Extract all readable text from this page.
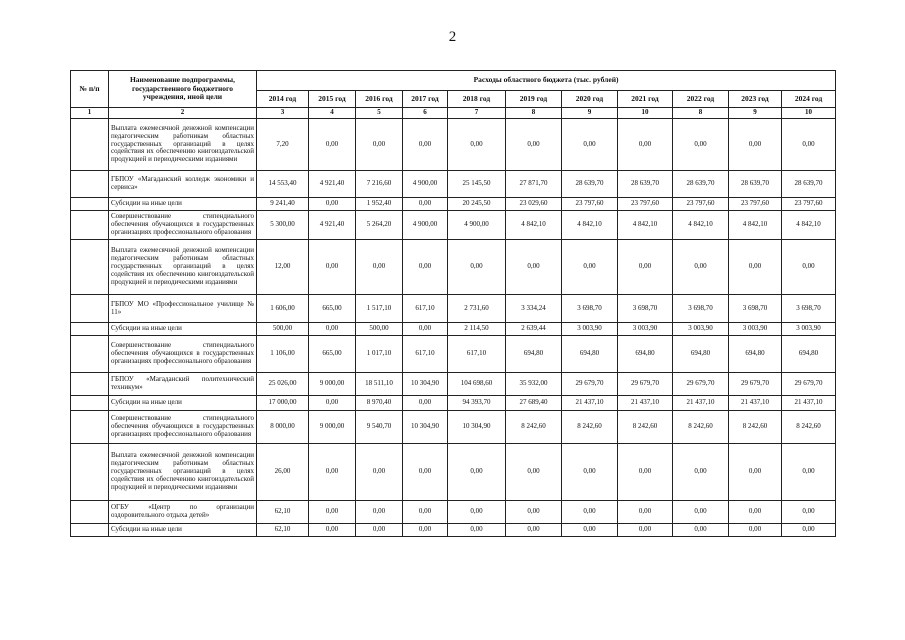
2
№ п/п	Наименование подпрограммы, государственного бюджетного учреждения, иной цели	Расходы областного бюджета (тыс. рублей)										
		2014 год	2015 год	2016 год	2017 год	2018 год	2019 год	2020 год	2021 год	2022 год	2023 год	2024 год
1	2	3	4	5	6	7	8	9	10	8	9	10
	Выплата ежемесячной денежной компенсации педагогическим работникам областных государственных организаций в целях содействия их обеспечению книгоиздательской продукцией и периодическими изданиями	7,20	0,00	0,00	0,00	0,00	0,00	0,00	0,00	0,00	0,00	0,00
	ГБПОУ «Магаданский колледж экономики и сервиса»	14 553,40	4 921,40	7 216,60	4 900,00	25 145,50	27 871,70	28 639,70	28 639,70	28 639,70	28 639,70	28 639,70
	Субсидии на иные цели	9 241,40	0,00	1 952,40	0,00	20 245,50	23 029,60	23 797,60	23 797,60	23 797,60	23 797,60	23 797,60
	Совершенствование стипендиального обеспечения обучающихся в государственных организациях профессионального образования	5 300,00	4 921,40	5 264,20	4 900,00	4 900,00	4 842,10	4 842,10	4 842,10	4 842,10	4 842,10	4 842,10
	Выплата ежемесячной денежной компенсации педагогическим работникам областных государственных организаций в целях содействия их обеспечению книгоиздательской продукцией и периодическими изданиями	12,00	0,00	0,00	0,00	0,00	0,00	0,00	0,00	0,00	0,00	0,00
	ГБПОУ МО «Профессиональное училище № 11»	1 606,00	665,00	1 517,10	617,10	2 731,60	3 334,24	3 698,70	3 698,70	3 698,70	3 698,70	3 698,70
	Субсидии на иные цели	500,00	0,00	500,00	0,00	2 114,50	2 639,44	3 003,90	3 003,90	3 003,90	3 003,90	3 003,90
	Совершенствование стипендиального обеспечения обучающихся в государственных организациях профессионального образования	1 106,00	665,00	1 017,10	617,10	617,10	694,80	694,80	694,80	694,80	694,80	694,80
	ГБПОУ «Магаданский политехнический техникум»	25 026,00	9 000,00	18 511,10	10 304,90	104 698,60	35 932,00	29 679,70	29 679,70	29 679,70	29 679,70	29 679,70
	Субсидии на иные цели	17 000,00	0,00	8 970,40	0,00	94 393,70	27 689,40	21 437,10	21 437,10	21 437,10	21 437,10	21 437,10
	Совершенствование стипендиального обеспечения обучающихся в государственных организациях профессионального образования	8 000,00	9 000,00	9 540,70	10 304,90	10 304,90	8 242,60	8 242,60	8 242,60	8 242,60	8 242,60	8 242,60
	Выплата ежемесячной денежной компенсации педагогическим работникам областных государственных организаций в целях содействия их обеспечению книгоиздательской продукцией и периодическими изданиями	26,00	0,00	0,00	0,00	0,00	0,00	0,00	0,00	0,00	0,00	0,00
	ОГБУ «Центр по организации оздоровительного отдыха детей»	62,10	0,00	0,00	0,00	0,00	0,00	0,00	0,00	0,00	0,00	0,00
	Субсидии на иные цели	62,10	0,00	0,00	0,00	0,00	0,00	0,00	0,00	0,00	0,00	0,00
